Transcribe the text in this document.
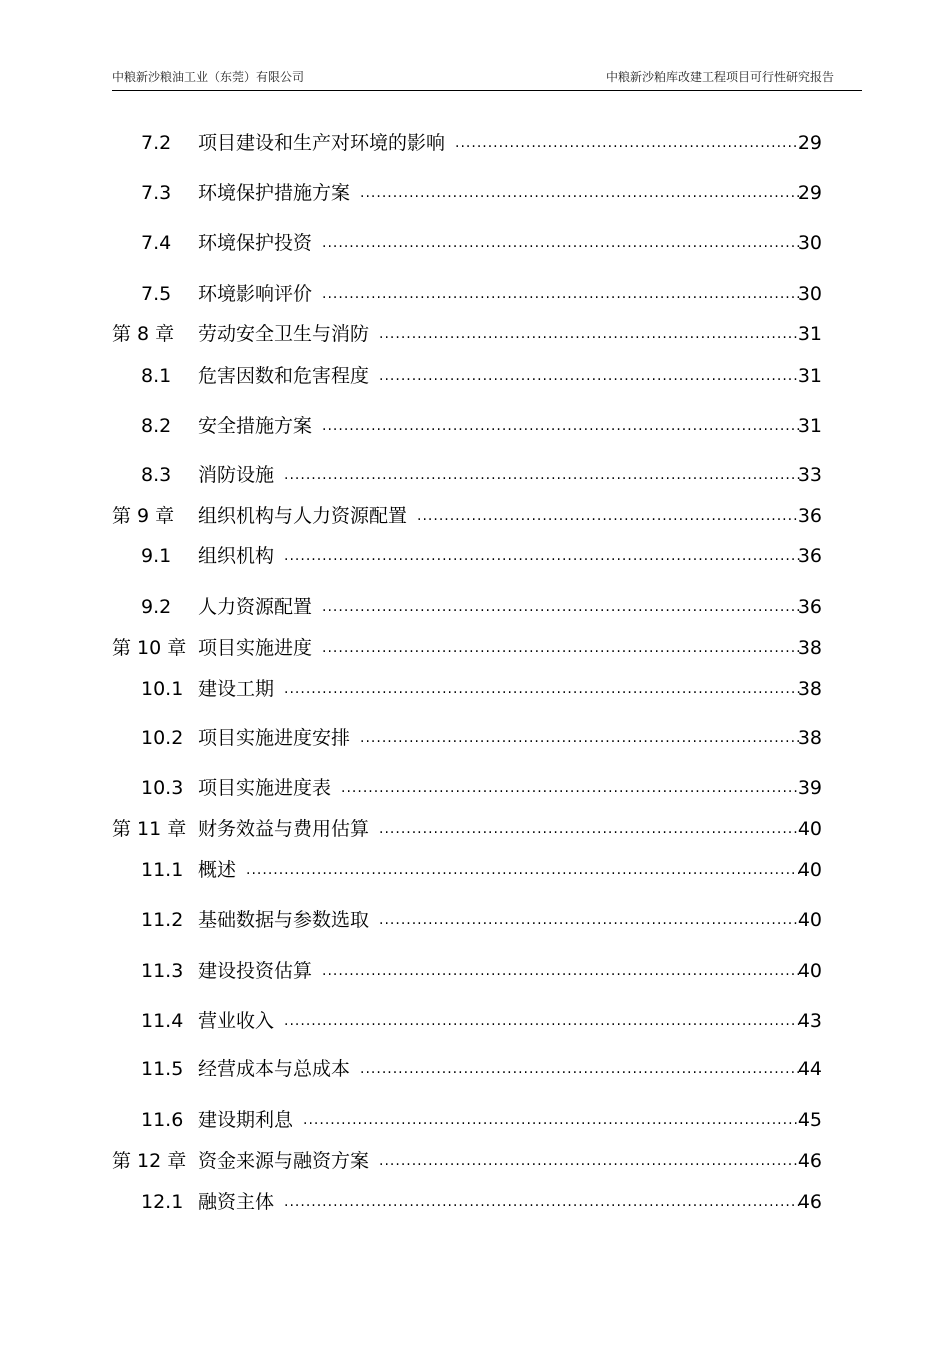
中粮新沙粮油工业（东莞）有限公司	中粮新沙粕库改建工程项目可行性研究报告
7.2 项目建设和生产对环境的影响 .....	29
7.3 环境保护措施方案 .....	29
7.4 环境保护投资 .....	30
7.5 环境影响评价 .....	30
第 8 章 劳动安全卫生与消防 .....	31
8.1 危害因数和危害程度 .....	31
8.2 安全措施方案 .....	31
8.3 消防设施 .....	33
第 9 章 组织机构与人力资源配置 .....	36
9.1 组织机构 .....	36
9.2 人力资源配置 .....	36
第 10 章 项目实施进度 .....	38
10.1 建设工期 .....	38
10.2 项目实施进度安排 .....	38
10.3 项目实施进度表 .....	39
第 11 章 财务效益与费用估算 .....	40
11.1 概述 .....	40
11.2 基础数据与参数选取 .....	40
11.3 建设投资估算 .....	40
11.4 营业收入 .....	43
11.5 经营成本与总成本 .....	44
11.6 建设期利息 .....	45
第 12 章 资金来源与融资方案 .....	46
12.1 融资主体 .....	46
